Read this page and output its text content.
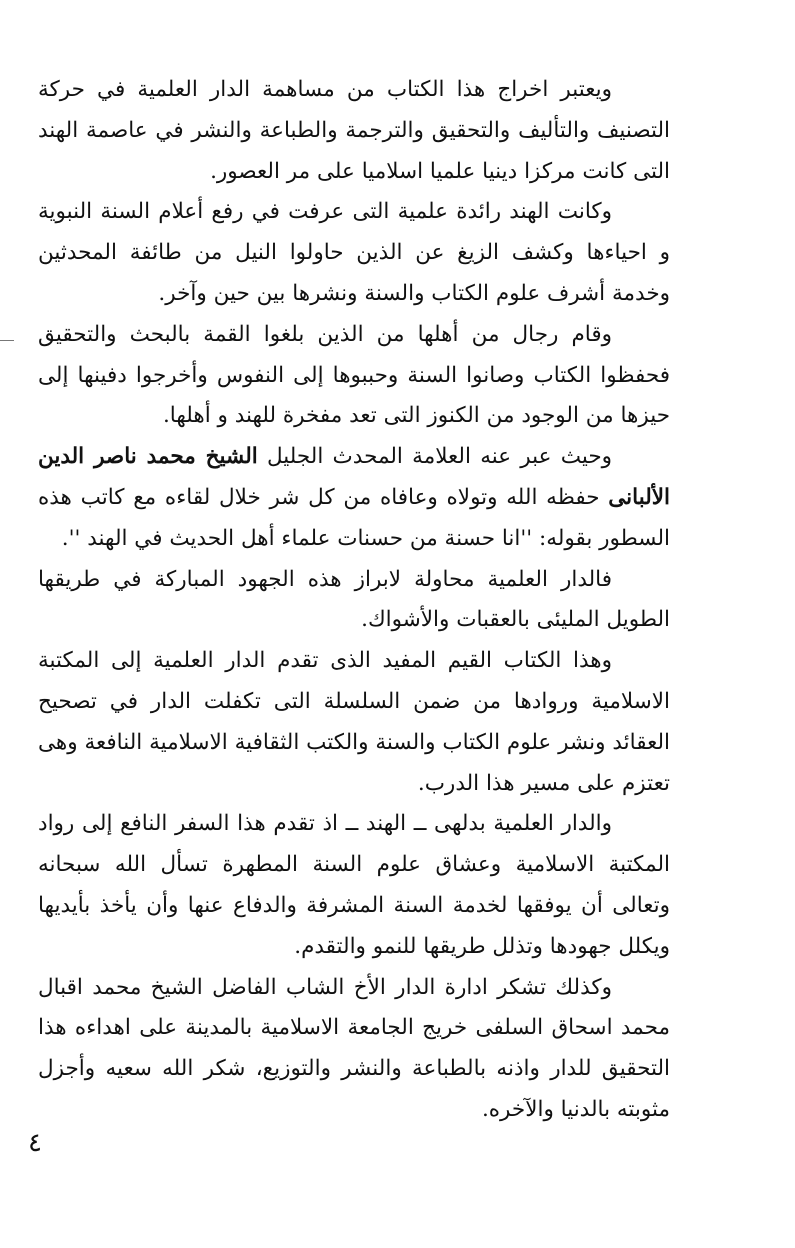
ويعتبر اخراج هذا الكتاب من مساهمة الدار العلمية في حركة التصنيف والتأليف والتحقيق والترجمة والطباعة والنشر في عاصمة الهند التى كانت مركزا دينيا علميا اسلاميا على مر العصور.

وكانت الهند رائدة علمية التى عرفت في رفع أعلام السنة النبوية و احياءها وكشف الزيغ عن الذين حاولوا النيل من طائفة المحدثين وخدمة أشرف علوم الكتاب والسنة ونشرها بين حين وآخر.

وقام رجال من أهلها من الذين بلغوا القمة بالبحث والتحقيق فحفظوا الكتاب وصانوا السنة وحببوها إلى النفوس وأخرجوا دفينها إلى حيزها من الوجود من الكنوز التى تعد مفخرة للهند و أهلها.

وحيث عبر عنه العلامة المحدث الجليل الشيخ محمد ناصر الدين الألبانى حفظه الله وتولاه وعافاه من كل شر خلال لقاءه مع كاتب هذه السطور بقوله: ''انا حسنة من حسنات علماء أهل الحديث في الهند ''.

فالدار العلمية محاولة لابراز هذه الجهود المباركة في طريقها الطويل المليئى بالعقبات والأشواك.

وهذا الكتاب القيم المفيد الذى تقدم الدار العلمية إلى المكتبة الاسلامية وروادها من ضمن السلسلة التى تكفلت الدار في تصحيح العقائد ونشر علوم الكتاب والسنة والكتب الثقافية الاسلامية النافعة وهى تعتزم على مسير هذا الدرب.

والدار العلمية بدلهى ــ الهند ــ اذ تقدم هذا السفر النافع إلى رواد المكتبة الاسلامية وعشاق علوم السنة المطهرة تسأل الله سبحانه وتعالى أن يوفقها لخدمة السنة المشرفة والدفاع عنها وأن يأخذ بأيديها ويكلل جهودها وتذلل طريقها للنمو والتقدم.

وكذلك تشكر ادارة الدار الأخ الشاب الفاضل الشيخ محمد اقبال محمد اسحاق السلفى خريج الجامعة الاسلامية بالمدينة على اهداءه هذا التحقيق للدار واذنه بالطباعة والنشر والتوزيع، شكر الله سعيه وأجزل مثوبته بالدنيا والآخره.

٤
